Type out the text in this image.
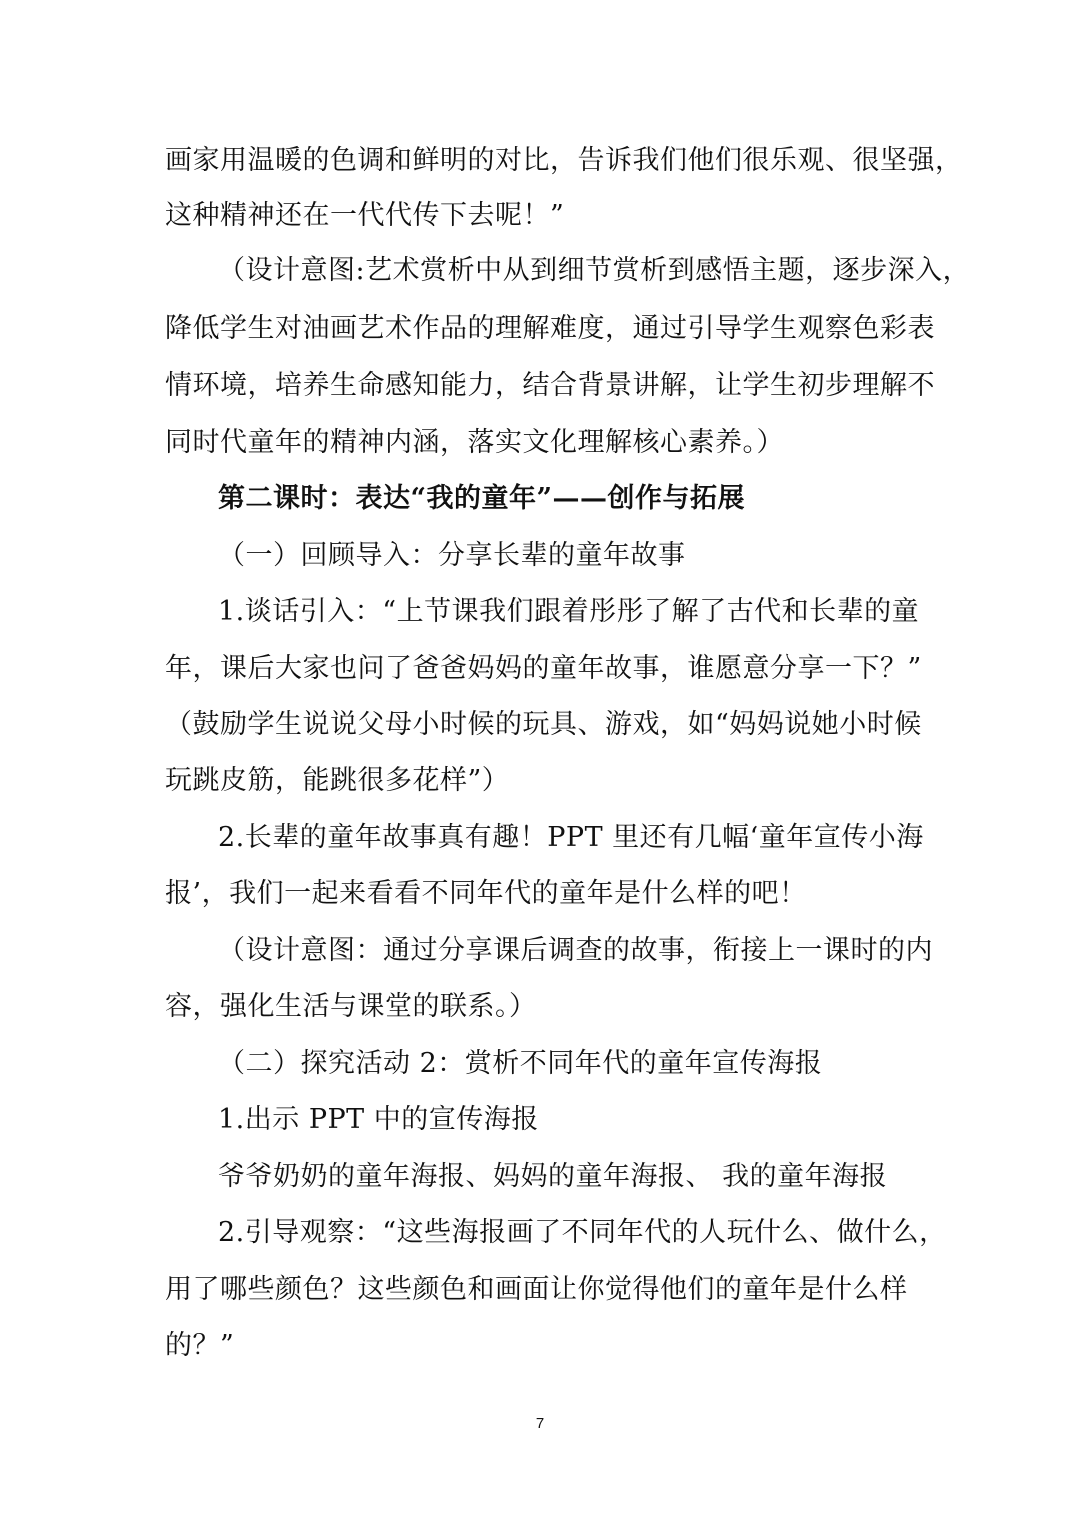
画家用温暖的色调和鲜明的对比，告诉我们他们很乐观、很坚强，
这种精神还在一代代传下去呢！”
（设计意图:艺术赏析中从到细节赏析到感悟主题，逐步深入，
降低学生对油画艺术作品的理解难度，通过引导学生观察色彩表
情环境，培养生命感知能力，结合背景讲解，让学生初步理解不
同时代童年的精神内涵，落实文化理解核心素养。）
第二课时：表达“我的童年”——创作与拓展
（一）回顾导入：分享长辈的童年故事
1.谈话引入：“上节课我们跟着彤彤了解了古代和长辈的童
年，课后大家也问了爸爸妈妈的童年故事，谁愿意分享一下？”
（鼓励学生说说父母小时候的玩具、游戏，如“妈妈说她小时候
玩跳皮筋，能跳很多花样”）
2.长辈的童年故事真有趣！PPT 里还有几幅‘童年宣传小海
报’，我们一起来看看不同年代的童年是什么样的吧！
（设计意图：通过分享课后调查的故事，衔接上一课时的内
容，强化生活与课堂的联系。）
（二）探究活动 2：赏析不同年代的童年宣传海报
1.出示 PPT 中的宣传海报
爷爷奶奶的童年海报、妈妈的童年海报、 我的童年海报
2.引导观察：“这些海报画了不同年代的人玩什么、做什么，
用了哪些颜色？这些颜色和画面让你觉得他们的童年是什么样
的？”
7
